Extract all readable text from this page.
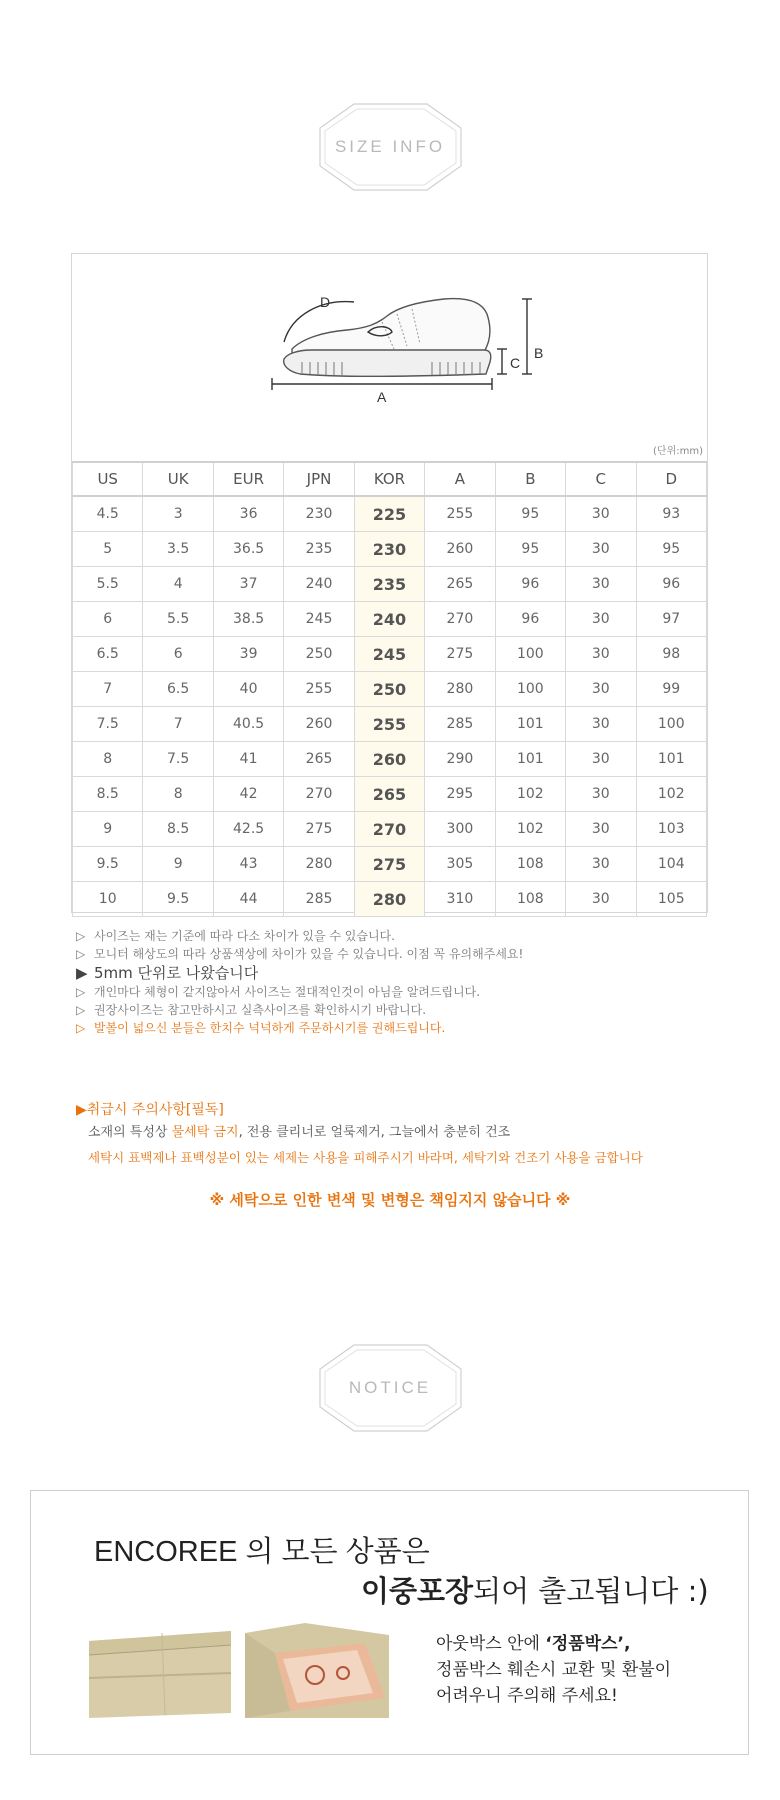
SIZE INFO
D
A
C
B
(단위:mm)
US	UK	EUR	JPN	KOR	A	B	C	D
4.5	3	36	230	225	255	95	30	93
5	3.5	36.5	235	230	260	95	30	95
5.5	4	37	240	235	265	96	30	96
6	5.5	38.5	245	240	270	96	30	97
6.5	6	39	250	245	275	100	30	98
7	6.5	40	255	250	280	100	30	99
7.5	7	40.5	260	255	285	101	30	100
8	7.5	41	265	260	290	101	30	101
8.5	8	42	270	265	295	102	30	102
9	8.5	42.5	275	270	300	102	30	103
9.5	9	43	280	275	305	108	30	104
10	9.5	44	285	280	310	108	30	105
▷ 사이즈는 재는 기준에 따라 다소 차이가 있을 수 있습니다.
▷ 모니터 해상도의 따라 상품색상에 차이가 있을 수 있습니다. 이점 꼭 유의해주세요!
▶ 5mm 단위로 나왔습니다
▷ 개인마다 체형이 같지않아서 사이즈는 절대적인것이 아님을 알려드립니다.
▷ 권장사이즈는 참고만하시고 실측사이즈를 확인하시기 바랍니다.
▷ 발볼이 넓으신 분들은 한치수 넉넉하게 주문하시기를 권해드립니다.
▶취급시 주의사항[필독]
소재의 특성상 물세탁 금지, 전용 클리너로 얼룩제거, 그늘에서 충분히 건조
세탁시 표백제나 표백성분이 있는 세제는 사용을 피해주시기 바라며, 세탁기와 건조기 사용을 금합니다
※ 세탁으로 인한 변색 및 변형은 책임지지 않습니다 ※
NOTICE
ENCOREE 의 모든 상품은
이중포장되어 출고됩니다 :)
아웃박스 안에 ‘정품박스’,
정품박스 훼손시 교환 및 환불이
어려우니 주의해 주세요!
